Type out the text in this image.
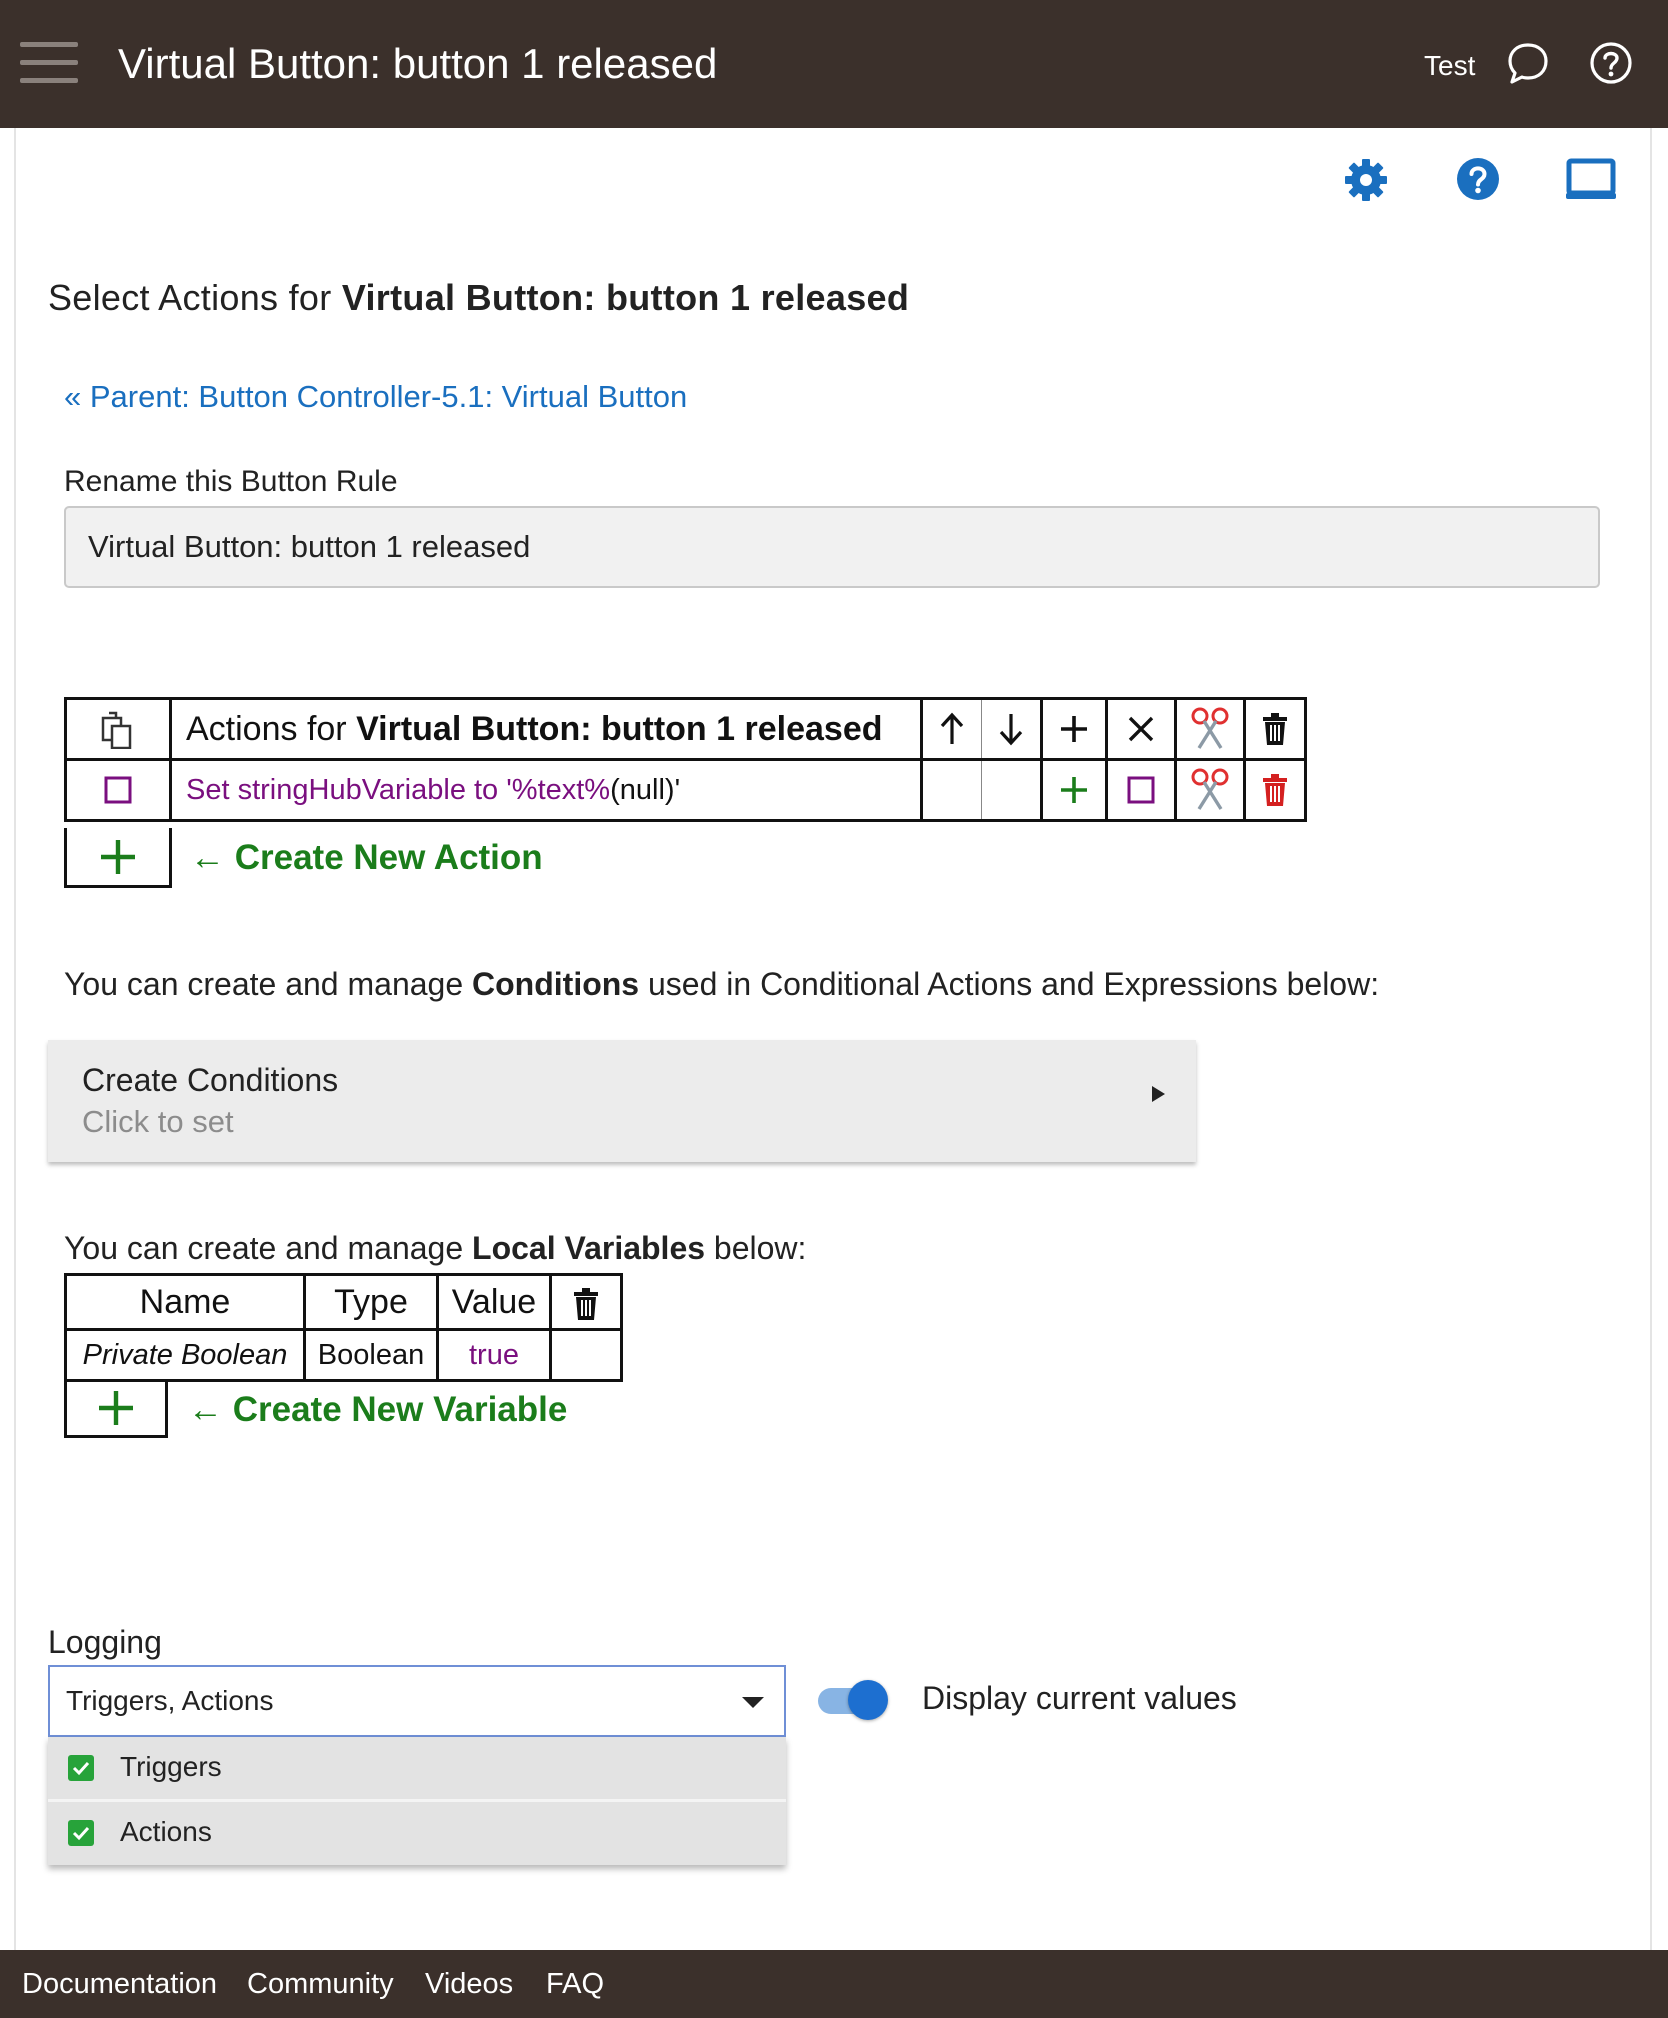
Virtual Button: button 1 released	Test
Select Actions for Virtual Button: button 1 released
« Parent: Button Controller-5.1: Virtual Button
Rename this Button Rule
Virtual Button: button 1 released
	Actions for Virtual Button: button 1 released						
	Set stringHubVariable to '%text%(null)'						
← Create New Action
You can create and manage Conditions used in Conditional Actions and Expressions below:
Create Conditions
Click to set
You can create and manage Local Variables below:
Name	Type	Value	
Private Boolean	Boolean	true	
← Create New Variable
Logging
Triggers, Actions
Triggers
Actions
Display current values
Documentation Community Videos FAQ
